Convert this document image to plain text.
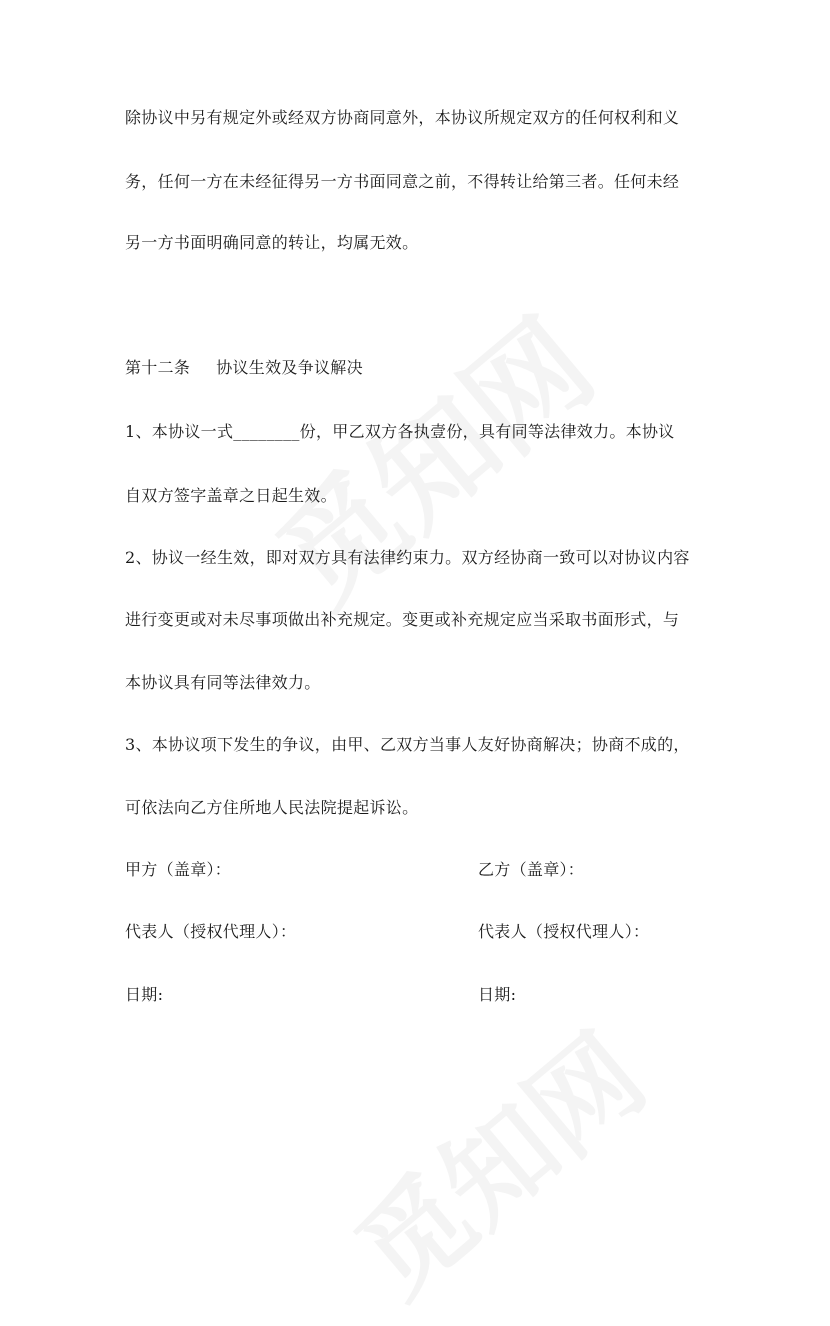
除协议中另有规定外或经双方协商同意外，本协议所规定双方的任何权利和义
务，任何一方在未经征得另一方书面同意之前，不得转让给第三者。任何未经
另一方书面明确同意的转让，均属无效。
第十二条 协议生效及争议解决
1、本协议一式________份，甲乙双方各执壹份，具有同等法律效力。本协议
自双方签字盖章之日起生效。
2、协议一经生效，即对双方具有法律约束力。双方经协商一致可以对协议内容
进行变更或对未尽事项做出补充规定。变更或补充规定应当采取书面形式，与
本协议具有同等法律效力。
3、本协议项下发生的争议，由甲、乙双方当事人友好协商解决；协商不成的，
可依法向乙方住所地人民法院提起诉讼。
甲方（盖章）：	乙方（盖章）：
代表人（授权代理人）：	代表人（授权代理人）：
日期:	日期:
